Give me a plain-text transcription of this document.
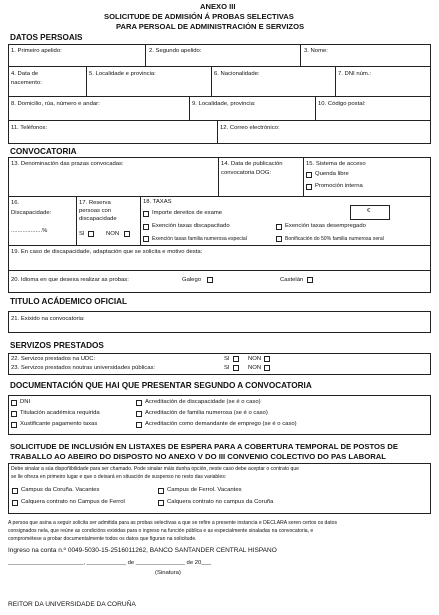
ANEXO III
SOLICITUDE DE ADMISIÓN Á PROBAS SELECTIVAS
PARA PERSOAL DE ADMINISTRACIÓN E SERVIZOS
DATOS PERSOAIS
1. Primeiro apelido:	2. Segundo apelido:	3. Nome:
4. Data de
nacemento:
5. Localidade e provincia:	6. Nacionalidade:	7. DNI núm.:
8. Domicilio, rúa, número e andar:	9. Localidade, provincia:	10. Código postal:
11. Teléfonos:	12. Correo electrónico:
CONVOCATORIA
13. Denominación das prazas convocadas:	14. Data de publicación
convocatoria DOG:
15. Sistema de acceso
Quenda libre
Promoción interna
16.
Discapacidade:
...................%
17. Reserva
persoas con
discapacidade
SI	NON
18. TAXAS
Importe dereitos de exame	€
Exención taxas discapacitado	Exención taxas desempregado
Exención taxas familia numerosa especial	Bonificación do 50% familia numerosa xeral
19. En caso de discapacidade, adaptación que se solicita e motivo desta:
20. Idioma en que desexa realizar as probas:	Galego	Castelán
TITULO ACÁDEMICO OFICIAL
21. Exixido na convocatoria:
SERVIZOS PRESTADOS
22. Servizos prestados na UDC:	SI	NON
23. Servizos prestados noutras universidades públicas:	SI	NON
DOCUMENTACIÓN QUE HAI QUE PRESENTAR SEGUNDO A CONVOCATORIA
DNI
Titulación académica requirida
Xustificante pagamento taxas
Acreditación de discapacidade (se é o caso)
Acreditación de familia numerosa (se é o caso)
Acreditación como demandante de emprego (se é o caso)
SOLICITUDE DE INCLUSIÓN EN LISTAXES DE ESPERA PARA A COBERTURA TEMPORAL DE POSTOS DE
TRABALLO AO ABEIRO DO DISPOSTO NO ANEXO V DO III CONVENIO COLECTIVO DO PAS LABORAL
Debe sinalar a súa dispoñibilidade para ser chamado. Pode sinalar máis dunha opción, neste caso debe aceptar o contrato que
se lle ofreza en primeiro lugar e que o deixará en situación de suspenso no resto das variables:
Campus da Coruña. Vacantes	Campus de Ferrol. Vacantes
Calquera contrato no Campus de Ferrol	Calquera contrato no campus da Coruña
A persoa que asina a seguir solicita ser admitida para as probas selectivas a que se refire a presente instancia e DECLARA seren certos os datos
consignados nela, que reúne as condicións exixidas para o ingreso na función pública e as especialmente sinaladas na convocatoria, e
comprométese a probar documentalmente todos os datos que figuran na solicitude.
Ingreso na conta n.º 0049-5030-15-2516011262, BANCO SANTANDER CENTRAL HISPANO
_______________________, ____________ de _______________ de 20___
(Sinatura)
REITOR DA UNIVERSIDADE DA CORUÑA
